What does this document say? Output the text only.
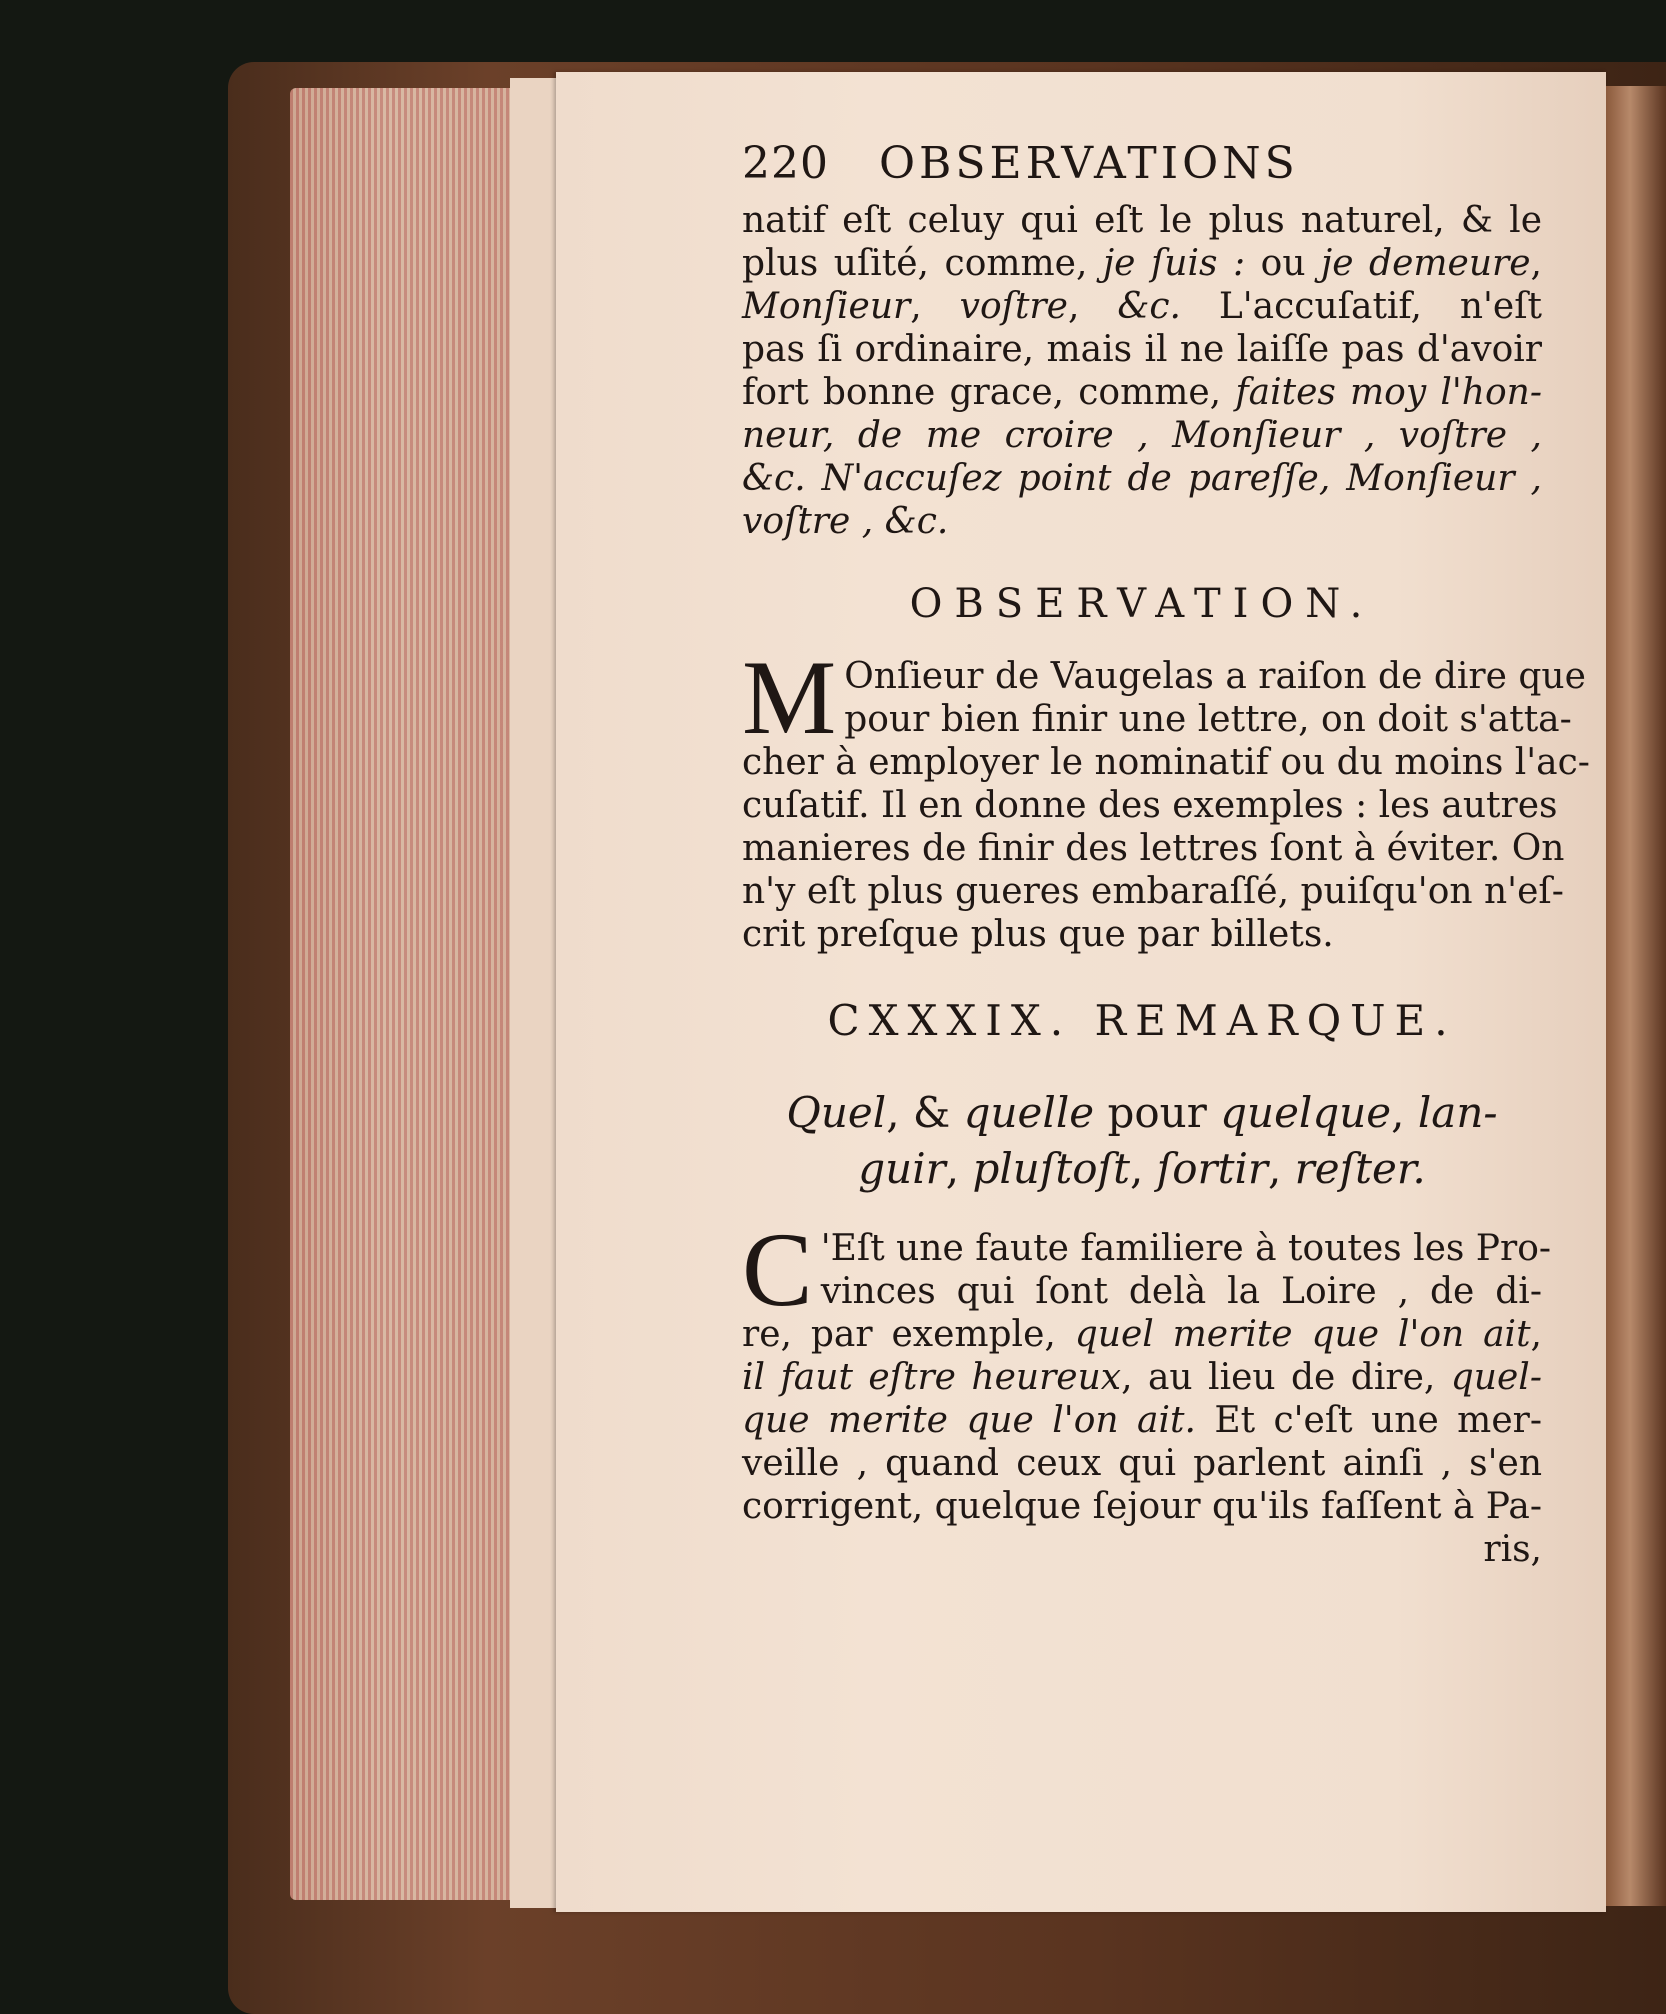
220 OBSERVATIONS
natif eſt celuy qui eſt le plus naturel, & le
plus uſité, comme, je ſuis : ou je demeure,
Monſieur, voſtre, &c. L'accuſatif, n'eſt
pas ſi ordinaire, mais il ne laiſſe pas d'avoir
fort bonne grace, comme, faites moy l'hon-
neur, de me croire , Monſieur , voſtre ,
&c. N'accuſez point de pareſſe, Monſieur ,
voſtre , &c.
OBSERVATION.
M Onſieur de Vaugelas a raiſon de dire que
pour bien finir une lettre, on doit s'atta-
cher à employer le nominatif ou du moins l'ac-
cuſatif. Il en donne des exemples : les autres
manieres de finir des lettres ſont à éviter. On
n'y eſt plus gueres embaraſſé, puiſqu'on n'eſ-
crit preſque plus que par billets.
CXXXIX. REMARQUE.
Quel, & quelle pour quelque, lan-
guir, pluſtoſt, ſortir, reſter.
C 'Eſt une faute familiere à toutes les Pro-
vinces qui ſont delà la Loire , de di-
re, par exemple, quel merite que l'on ait,
il faut eſtre heureux, au lieu de dire, quel-
que merite que l'on ait. Et c'eſt une mer-
veille , quand ceux qui parlent ainſi , s'en
corrigent, quelque ſejour qu'ils faſſent à Pa-
ris,
